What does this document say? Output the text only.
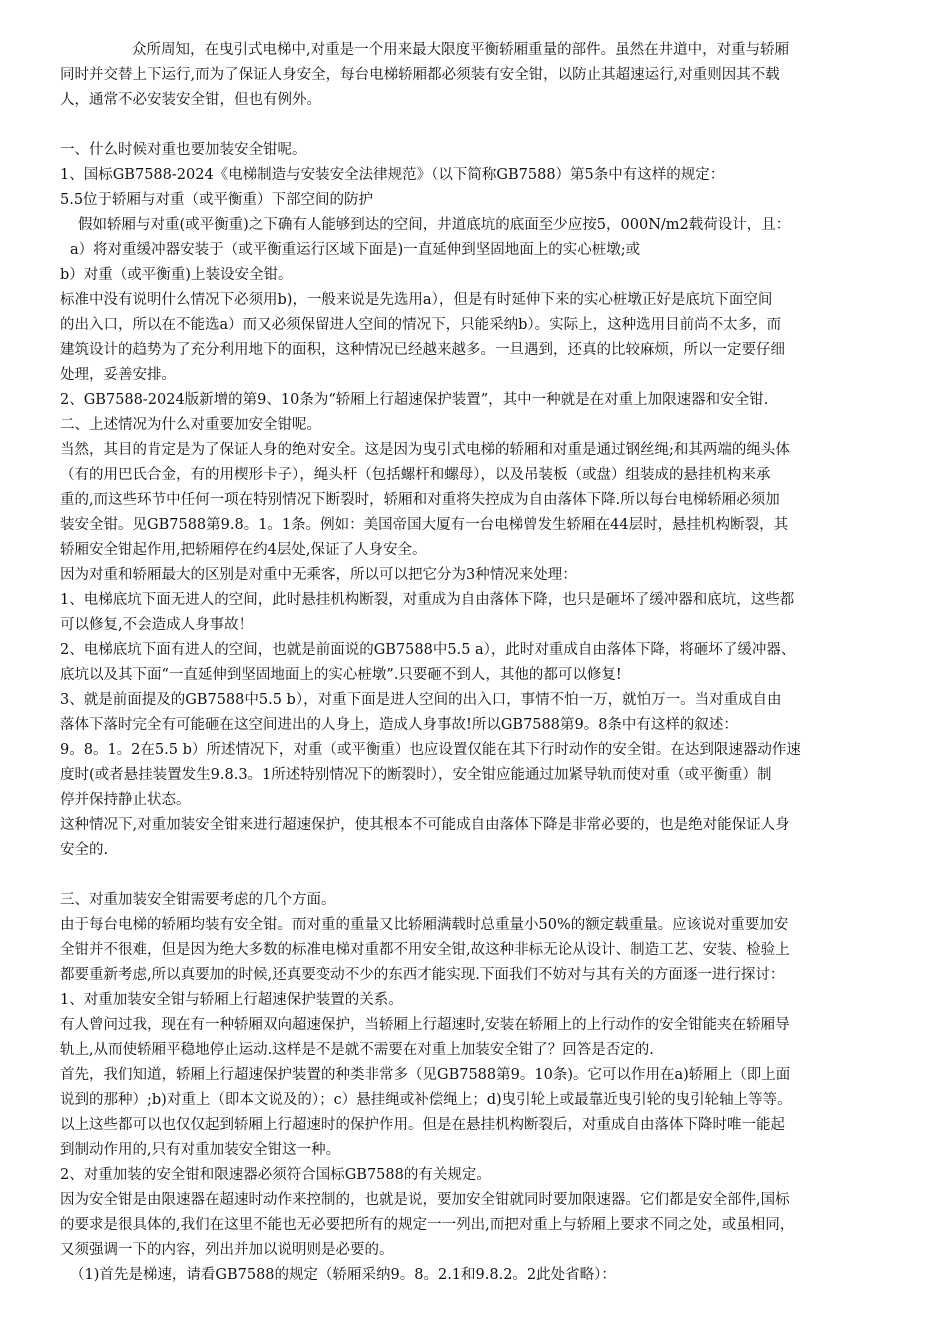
众所周知，在曳引式电梯中,对重是一个用来最大限度平衡轿厢重量的部件。虽然在井道中，对重与轿厢
同时并交替上下运行,而为了保证人身安全，每台电梯轿厢都必须装有安全钳，以防止其超速运行,对重则因其不载
人，通常不必安装安全钳，但也有例外。
一、什么时候对重也要加装安全钳呢。
1、国标GB7588-2024《电梯制造与安装安全法律规范》（以下简称GB7588）第5条中有这样的规定：
5.5位于轿厢与对重（或平衡重）下部空间的防护
假如轿厢与对重(或平衡重)之下确有人能够到达的空间，井道底坑的底面至少应按5，000N/m2载荷设计，且：
a）将对重缓冲器安装于（或平衡重运行区域下面是)一直延伸到坚固地面上的实心桩墩;或
b）对重（或平衡重)上装设安全钳。
标准中没有说明什么情况下必须用b)，一般来说是先选用a），但是有时延伸下来的实心桩墩正好是底坑下面空间
的出入口，所以在不能选a）而又必须保留进人空间的情况下，只能采纳b）。实际上，这种选用目前尚不太多，而
建筑设计的趋势为了充分利用地下的面积，这种情况已经越来越多。一旦遇到，还真的比较麻烦，所以一定要仔细
处理，妥善安排。
2、GB7588-2024版新增的第9、10条为“轿厢上行超速保护装置”，其中一种就是在对重上加限速器和安全钳.
二、上述情况为什么对重要加安全钳呢。
当然，其目的肯定是为了保证人身的绝对安全。这是因为曳引式电梯的轿厢和对重是通过钢丝绳;和其两端的绳头体
（有的用巴氏合金，有的用楔形卡子），绳头杆（包括螺杆和螺母），以及吊装板（或盘）组装成的悬挂机构来承
重的,而这些环节中任何一项在特别情况下断裂时，轿厢和对重将失控成为自由落体下降.所以每台电梯轿厢必须加
装安全钳。见GB7588第9.8。1。1条。例如：美国帝国大厦有一台电梯曾发生轿厢在44层时，悬挂机构断裂，其
轿厢安全钳起作用,把轿厢停在约4层处,保证了人身安全。
因为对重和轿厢最大的区别是对重中无乘客，所以可以把它分为3种情况来处理：
1、电梯底坑下面无进人的空间，此时悬挂机构断裂，对重成为自由落体下降，也只是砸坏了缓冲器和底坑，这些都
可以修复,不会造成人身事故！
2、电梯底坑下面有进人的空间，也就是前面说的GB7588中5.5 a），此时对重成自由落体下降，将砸坏了缓冲器、
底坑以及其下面“一直延伸到坚固地面上的实心桩墩”.只要砸不到人，其他的都可以修复!
3、就是前面提及的GB7588中5.5 b），对重下面是进人空间的出入口，事情不怕一万，就怕万一。当对重成自由
落体下落时完全有可能砸在这空间进出的人身上，造成人身事故!所以GB7588第9。8条中有这样的叙述：
9。8。1。2在5.5 b）所述情况下，对重（或平衡重）也应设置仅能在其下行时动作的安全钳。在达到限速器动作速
度时(或者悬挂装置发生9.8.3。1所述特别情况下的断裂时），安全钳应能通过加紧导轨而使对重（或平衡重）制
停并保持静止状态。
这种情况下,对重加装安全钳来进行超速保护，使其根本不可能成自由落体下降是非常必要的，也是绝对能保证人身
安全的.
三、对重加装安全钳需要考虑的几个方面。
由于每台电梯的轿厢均装有安全钳。而对重的重量又比轿厢满载时总重量小50%的额定载重量。应该说对重要加安
全钳并不很难，但是因为绝大多数的标准电梯对重都不用安全钳,故这种非标无论从设计、制造工艺、安装、检验上
都要重新考虑,所以真要加的时候,还真要变动不少的东西才能实现.下面我们不妨对与其有关的方面逐一进行探讨：
1、对重加装安全钳与轿厢上行超速保护装置的关系。
有人曾问过我，现在有一种轿厢双向超速保护，当轿厢上行超速时,安装在轿厢上的上行动作的安全钳能夹在轿厢导
轨上,从而使轿厢平稳地停止运动.这样是不是就不需要在对重上加装安全钳了？回答是否定的.
首先，我们知道，轿厢上行超速保护装置的种类非常多（见GB7588第9。10条)。它可以作用在a)轿厢上（即上面
说到的那种）;b)对重上（即本文说及的）；c）悬挂绳或补偿绳上；d)曳引轮上或最靠近曳引轮的曳引轮轴上等等。
以上这些都可以也仅仅起到轿厢上行超速时的保护作用。但是在悬挂机构断裂后，对重成自由落体下降时唯一能起
到制动作用的,只有对重加装安全钳这一种。
2、对重加装的安全钳和限速器必须符合国标GB7588的有关规定。
因为安全钳是由限速器在超速时动作来控制的，也就是说，要加安全钳就同时要加限速器。它们都是安全部件,国标
的要求是很具体的,我们在这里不能也无必要把所有的规定一一列出,而把对重上与轿厢上要求不同之处，或虽相同，
又须强调一下的内容，列出并加以说明则是必要的。
（1)首先是梯速，请看GB7588的规定（轿厢采纳9。8。2.1和9.8.2。2此处省略）：
